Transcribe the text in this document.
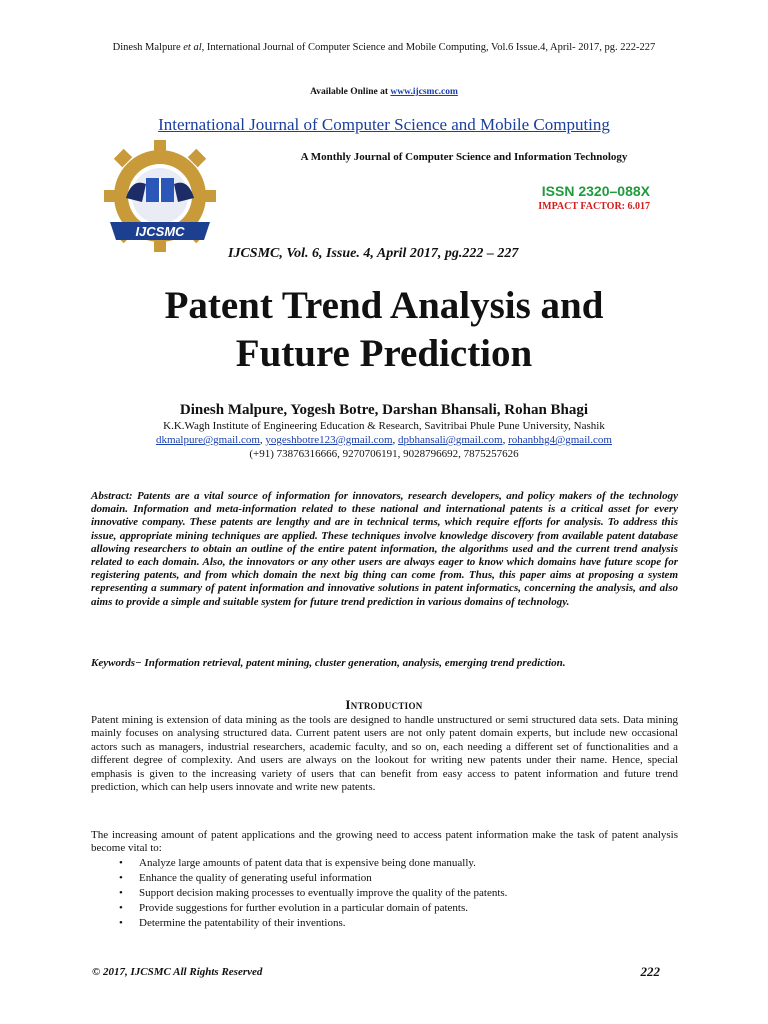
Dinesh Malpure et al, International Journal of Computer Science and Mobile Computing, Vol.6 Issue.4, April- 2017, pg. 222-227
Available Online at www.ijcsmc.com
International Journal of Computer Science and Mobile Computing
A Monthly Journal of Computer Science and Information Technology
ISSN 2320–088X
IMPACT FACTOR: 6.017
IJCSMC
IJCSMC, Vol. 6, Issue. 4, April 2017, pg.222 – 227
Patent Trend Analysis and
Future Prediction
Dinesh Malpure, Yogesh Botre, Darshan Bhansali, Rohan Bhagi
K.K.Wagh Institute of Engineering Education & Research, Savitribai Phule Pune University, Nashik
dkmalpure@gmail.com, yogeshbotre123@gmail.com, dpbhansali@gmail.com, rohanbhg4@gmail.com
(+91) 73876316666, 9270706191, 9028796692, 7875257626

Abstract: Patents are a vital source of information for innovators, research developers, and policy makers of the technology domain. Information and meta-information related to these national and international patents is a critical asset for every innovative company. These patents are lengthy and are in technical terms, which require efforts for analysis. To address this issue, appropriate mining techniques are applied. These techniques involve knowledge discovery from available patent database allowing researchers to obtain an outline of the entire patent information, the algorithms used and the current trend analysis related to each domain. Also, the innovators or any other users are always eager to know which domains have future scope for registering patents, and from which domain the next big thing can come from. Thus, this paper aims at proposing a system representing a summary of patent information and innovative solutions in patent informatics, concerning the analysis, and also aims to provide a simple and suitable system for future trend prediction in various domains of technology.

Keywords− Information retrieval, patent mining, cluster generation, analysis, emerging trend prediction.

Introduction

Patent mining is extension of data mining as the tools are designed to handle unstructured or semi structured data sets. Data mining mainly focuses on analysing structured data. Current patent users are not only patent domain experts, but include new occasional actors such as managers, industrial researchers, academic faculty, and so on, each needing a different set of functionalities and a different degree of complexity. And users are always on the lookout for writing new patents under their name. Hence, special emphasis is given to the increasing variety of users that can benefit from easy access to patent information and future trend prediction, which can help users innovate and write new patents.

The increasing amount of patent applications and the growing need to access patent information make the task of patent analysis become vital to:

• Analyze large amounts of patent data that is expensive being done manually.
• Enhance the quality of generating useful information
• Support decision making processes to eventually improve the quality of the patents.
• Provide suggestions for further evolution in a particular domain of patents.
• Determine the patentability of their inventions.
© 2017, IJCSMC All Rights Reserved	222
